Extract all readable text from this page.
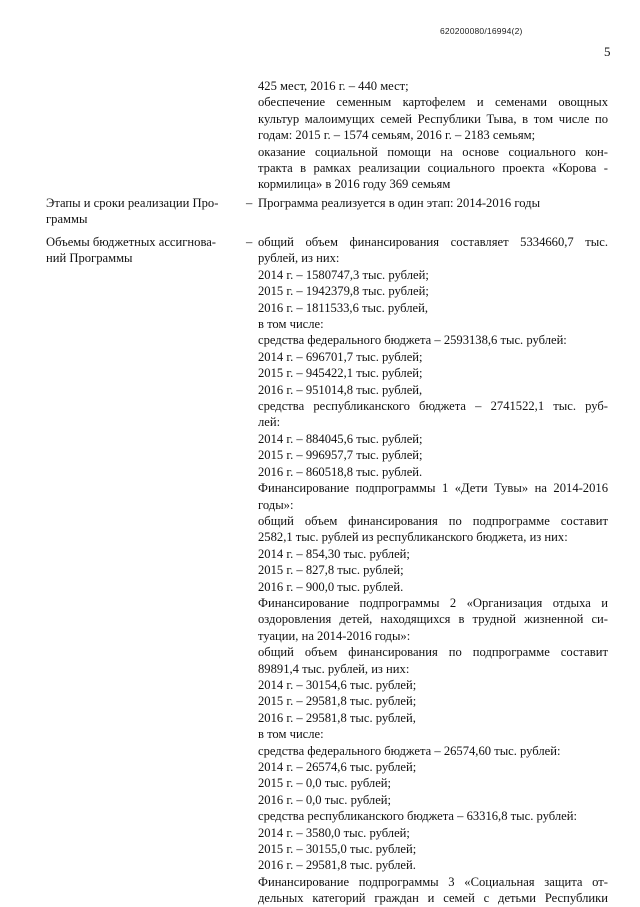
620200080/16994(2)
5
425 мест, 2016 г. – 440 мест;
обеспечение семенным картофелем и семенами овощных
культур малоимущих семей Республики Тыва, в том числе по
годам: 2015 г. – 1574 семьям, 2016 г. – 2183 семьям;
оказание социальной помощи на основе социального кон-
тракта в рамках реализации социального проекта «Корова -
кормилица» в 2016 году 369 семьям
Этапы и сроки реализации Про-
граммы
– Программа реализуется в один этап: 2014-2016 годы
Объемы бюджетных ассигнова-
ний Программы
– общий объем финансирования составляет 5334660,7 тыс.
рублей, из них:
2014 г. – 1580747,3 тыс. рублей;
2015 г. – 1942379,8 тыс. рублей;
2016 г. – 1811533,6 тыс. рублей,
в том числе:
средства федерального бюджета – 2593138,6 тыс. рублей:
2014 г. – 696701,7 тыс. рублей;
2015 г. – 945422,1 тыс. рублей;
2016 г. – 951014,8 тыс. рублей,
средства республиканского бюджета – 2741522,1 тыс. руб-
лей:
2014 г. – 884045,6 тыс. рублей;
2015 г. – 996957,7 тыс. рублей;
2016 г. – 860518,8 тыс. рублей.
Финансирование подпрограммы 1 «Дети Тувы» на 2014-2016
годы»:
общий объем финансирования по подпрограмме составит
2582,1 тыс. рублей из республиканского бюджета, из них:
2014 г. – 854,30 тыс. рублей;
2015 г. – 827,8 тыс. рублей;
2016 г. – 900,0 тыс. рублей.
Финансирование подпрограммы 2 «Организация отдыха и
оздоровления детей, находящихся в трудной жизненной си-
туации, на 2014-2016 годы»:
общий объем финансирования по подпрограмме составит
89891,4 тыс. рублей, из них:
2014 г. – 30154,6 тыс. рублей;
2015 г. – 29581,8 тыс. рублей;
2016 г. – 29581,8 тыс. рублей,
в том числе:
средства федерального бюджета – 26574,60 тыс. рублей:
2014 г. – 26574,6 тыс. рублей;
2015 г. – 0,0 тыс. рублей;
2016 г. – 0,0 тыс. рублей;
средства республиканского бюджета – 63316,8 тыс. рублей:
2014 г. – 3580,0 тыс. рублей;
2015 г. – 30155,0 тыс. рублей;
2016 г. – 29581,8 тыс. рублей.
Финансирование подпрограммы 3 «Социальная защита от-
дельных категорий граждан и семей с детьми Республики
